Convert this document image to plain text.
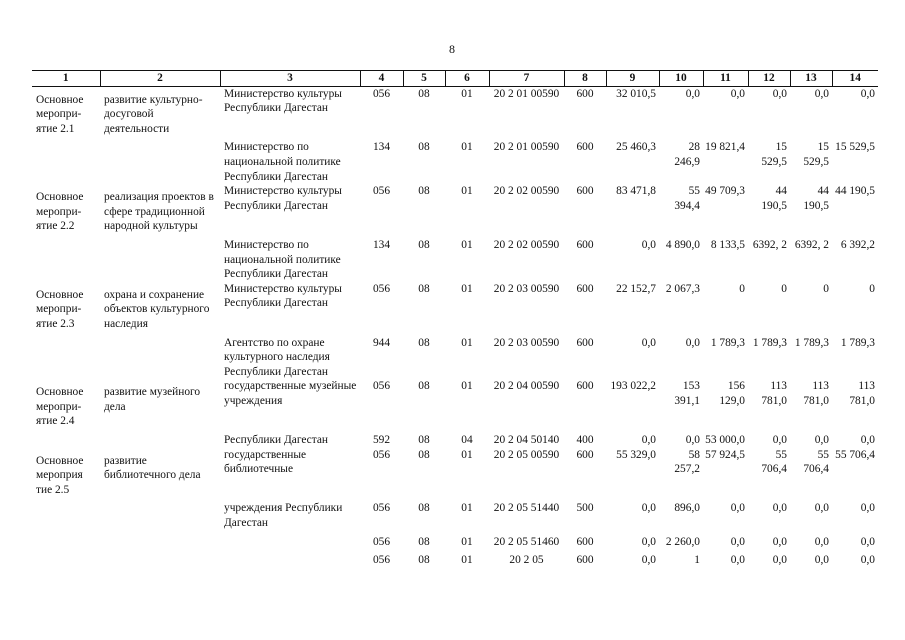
8
1	2	3	4	5	6	7	8	9	10	11	12	13	14
Основное меропри-ятие 2.1	развитие культурно-досуговой деятельности	Министерство культуры Республики Дагестан	056	08	01	20 2 01 00590	600	32 010,5	0,0	0,0	0,0	0,0	0,0
		Министерство по национальной политике Республики Дагестан	134	08	01	20 2 01 00590	600	25 460,3	28 246,9	19 821,4	15 529,5	15 529,5	15 529,5
Основное меропри-ятие 2.2	реализация проектов в сфере традиционной народной культуры	Министерство культуры Республики Дагестан	056	08	01	20 2 02 00590	600	83 471,8	55 394,4	49 709,3	44 190,5	44 190,5	44 190,5
		Министерство по национальной политике Республики Дагестан	134	08	01	20 2 02 00590	600	0,0	4 890,0	8 133,5	6392, 2	6392, 2	6 392,2
Основное меропри-ятие 2.3	охрана и сохранение объектов культурного наследия	Министерство культуры Республики Дагестан	056	08	01	20 2 03 00590	600	22 152,7	2 067,3	0	0	0	0
		Агентство по охране культурного наследия Республики Дагестан	944	08	01	20 2 03 00590	600	0,0	0,0	1 789,3	1 789,3	1 789,3	1 789,3
Основное меропри-ятие 2.4	развитие музейного дела	государственные музейные учреждения	056	08	01	20 2 04 00590	600	193 022,2	153 391,1	156 129,0	113 781,0	113 781,0	113 781,0
		Республики Дагестан	592	08	04	20 2 04 50140	400	0,0	0,0	53 000,0	0,0	0,0	0,0
Основное мероприя тие 2.5	развитие библиотечного дела	государственные библиотечные	056	08	01	20 2 05 00590	600	55 329,0	58 257,2	57 924,5	55 706,4	55 706,4	55 706,4
		учреждения Республики Дагестан	056	08	01	20 2 05 51440	500	0,0	896,0	0,0	0,0	0,0	0,0
			056	08	01	20 2 05 51460	600	0,0	2 260,0	0,0	0,0	0,0	0,0
			056	08	01	20 2 05	600	0,0	1	0,0	0,0	0,0	0,0
